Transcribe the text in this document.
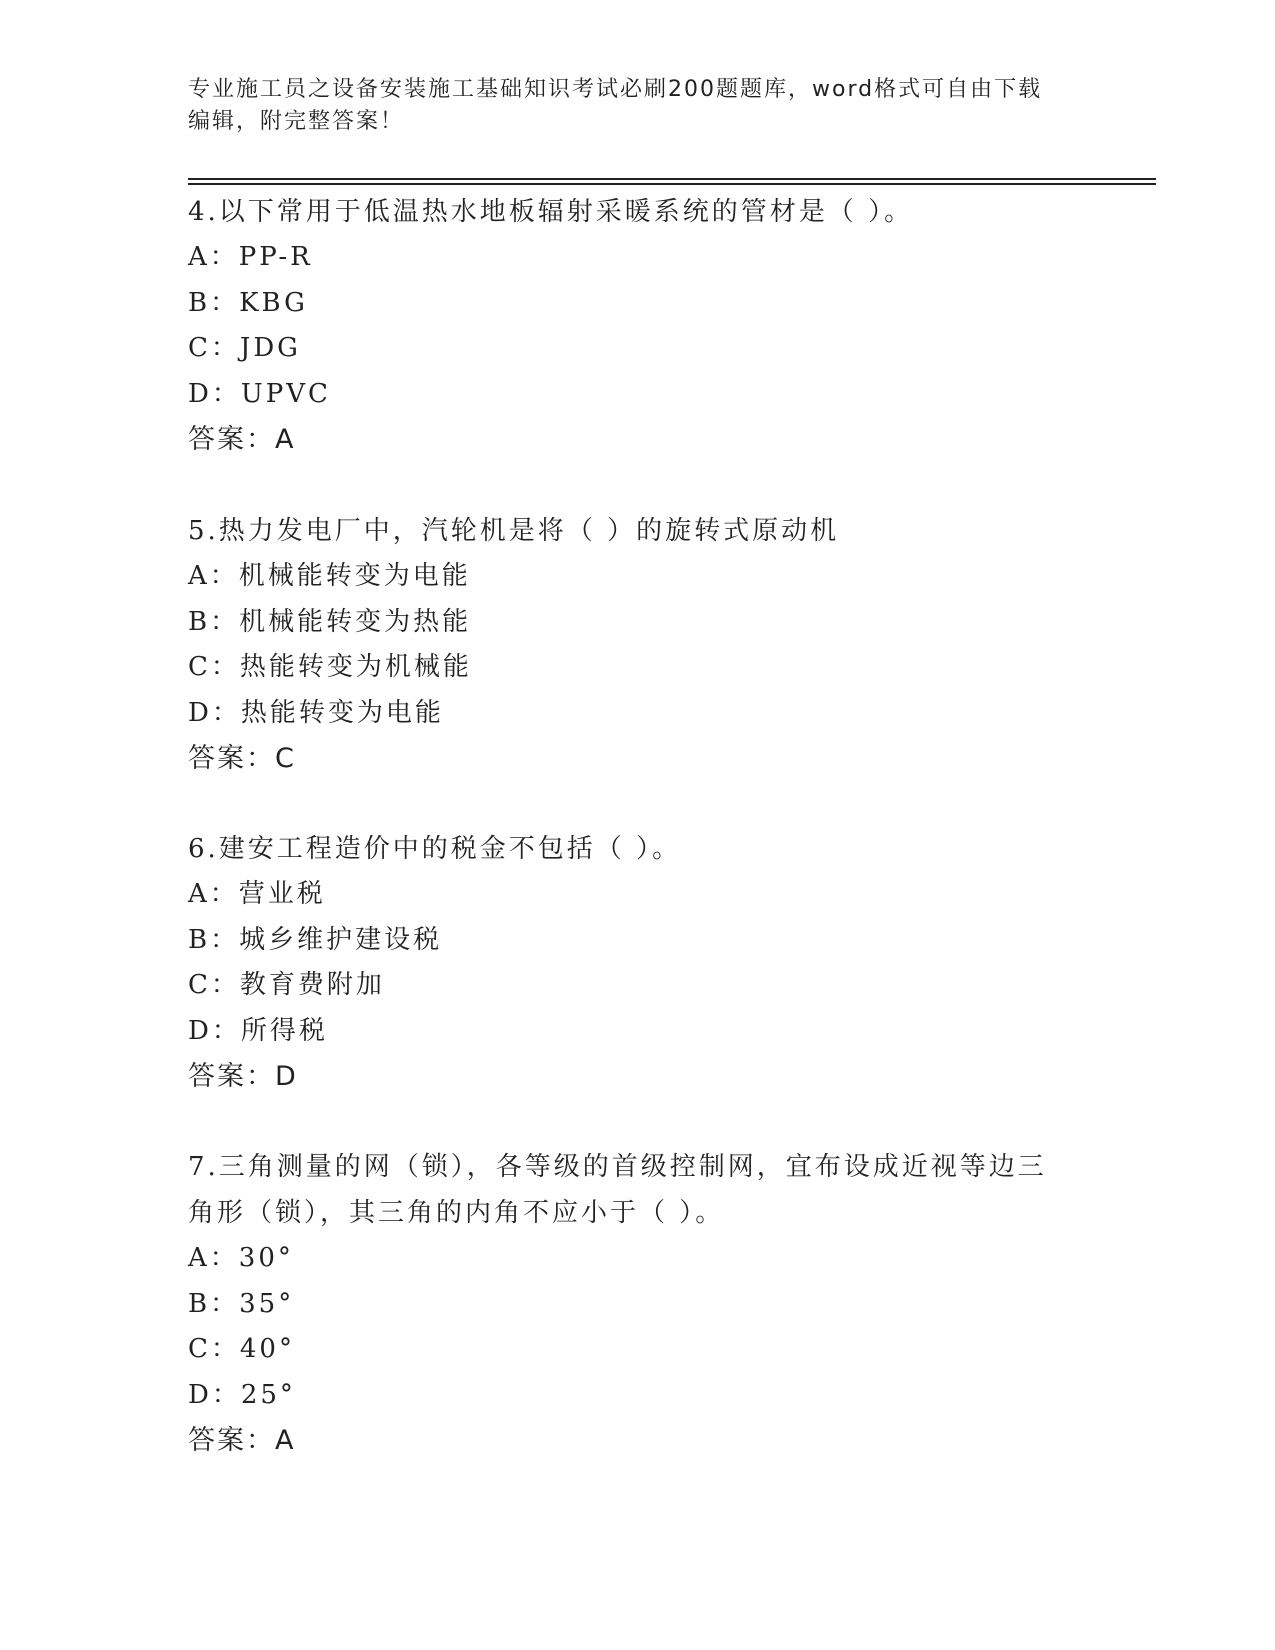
专业施工员之设备安装施工基础知识考试必刷200题题库，word格式可自由下载
编辑，附完整答案！

4.以下常用于低温热水地板辐射采暖系统的管材是（ ）。

A：PP-R

B：KBG

C：JDG

D：UPVC

答案：A

5.热力发电厂中，汽轮机是将（ ）的旋转式原动机

A：机械能转变为电能

B：机械能转变为热能

C：热能转变为机械能

D：热能转变为电能

答案：C

6.建安工程造价中的税金不包括（ ）。

A：营业税

B：城乡维护建设税

C：教育费附加

D：所得税

答案：D

7.三角测量的网（锁），各等级的首级控制网，宜布设成近视等边三

角形（锁），其三角的内角不应小于（ ）。

A：30°

B：35°

C：40°

D：25°

答案：A
